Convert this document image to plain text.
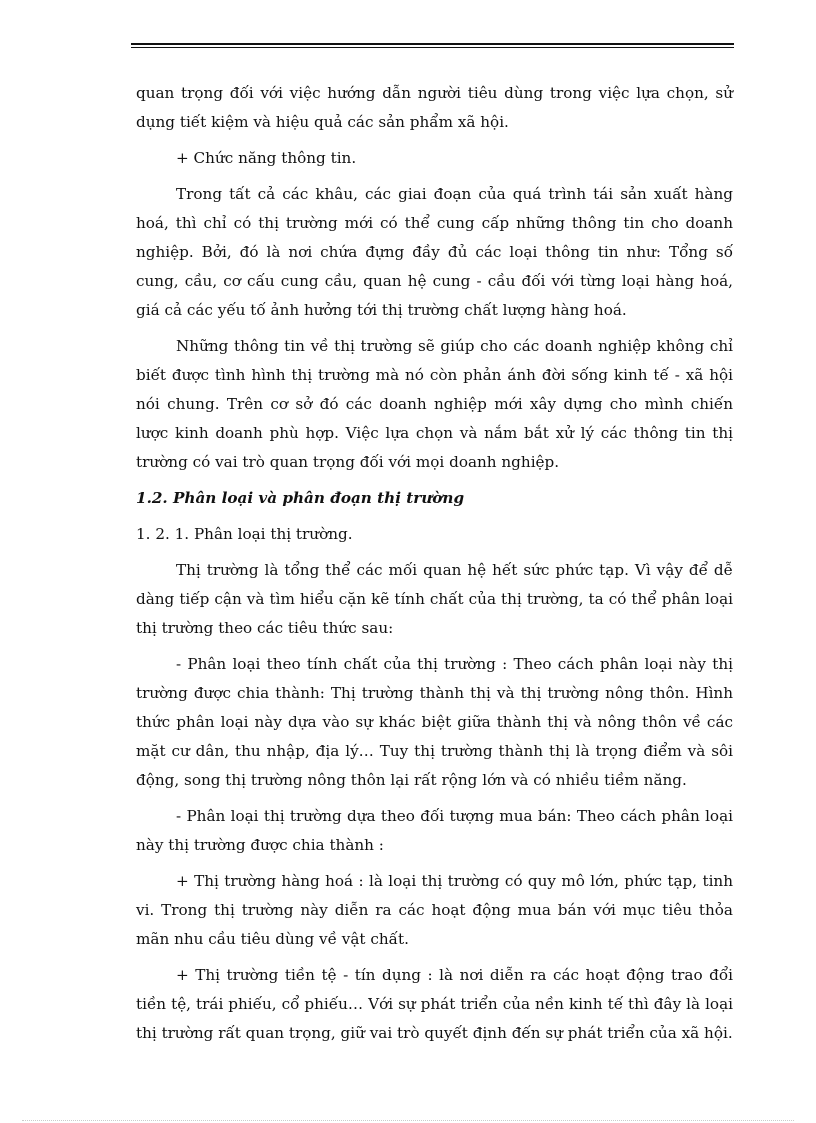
quan trọng đối với việc hướng dẫn người tiêu dùng trong việc lựa chọn, sử dụng tiết kiệm và hiệu quả các sản phẩm xã hội.

+ Chức năng thông tin.

Trong tất cả các khâu, các giai đoạn của quá trình tái sản xuất hàng hoá, thì chỉ có thị trường mới có thể cung cấp những thông tin cho doanh nghiệp. Bởi, đó là nơi chứa đựng đầy đủ các loại thông tin như: Tổng số cung, cầu, cơ cấu cung cầu, quan hệ cung - cầu đối với từng loại hàng hoá, giá cả các yếu tố ảnh hưởng tới thị trường chất lượng hàng hoá.

Những thông tin về thị trường sẽ giúp cho các doanh nghiệp không chỉ biết được tình hình thị trường mà nó còn phản ánh đời sống kinh tế - xã hội nói chung. Trên cơ sở đó các doanh nghiệp mới xây dựng cho mình chiến lược kinh doanh phù hợp. Việc lựa chọn và nắm bắt xử lý các thông tin thị trường có vai trò quan trọng đối với mọi doanh nghiệp.

1.2. Phân loại và phân đoạn thị trường

1. 2. 1. Phân loại thị trường.

Thị trường là tổng thể các mối quan hệ hết sức phức tạp. Vì vậy để dễ dàng tiếp cận và tìm hiểu cặn kẽ tính chất của thị trường, ta có thể phân loại thị trường theo các tiêu thức sau:

- Phân loại theo tính chất của thị trường : Theo cách phân loại này thị trường được chia thành: Thị trường thành thị và thị trường nông thôn. Hình thức phân loại này dựa vào sự khác biệt giữa thành thị và nông thôn về các mặt cư dân, thu nhập, địa lý… Tuy thị trường thành thị là trọng điểm và sôi động, song thị trường nông thôn lại rất rộng lớn và có nhiều tiềm năng.

- Phân loại thị trường dựa theo đối tượng mua bán: Theo cách phân loại này thị trường được chia thành :

+ Thị trường hàng hoá : là loại thị trường có quy mô lớn, phức tạp, tinh vi. Trong thị trường này diễn ra các hoạt động mua bán với mục tiêu thỏa mãn nhu cầu tiêu dùng về vật chất.

+ Thị trường tiền tệ - tín dụng : là nơi diễn ra các hoạt động trao đổi tiền tệ, trái phiếu, cổ phiếu… Với sự phát triển của nền kinh tế thì đây là loại thị trường rất quan trọng, giữ vai trò quyết định đến sự phát triển của xã hội.
